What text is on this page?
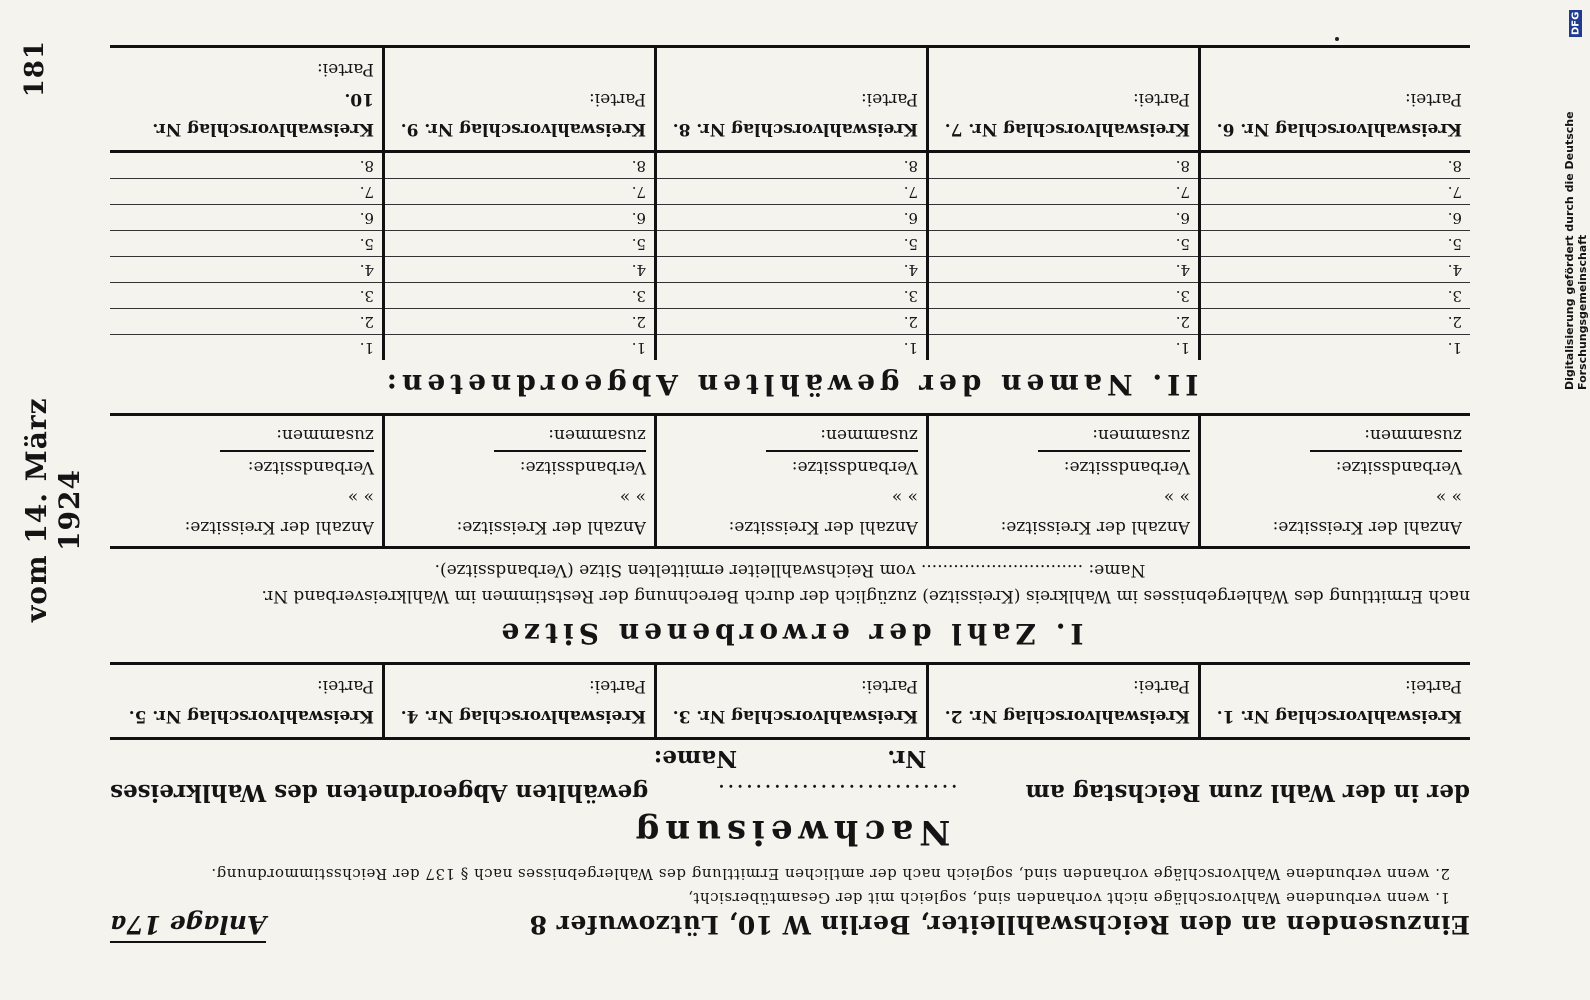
181
vom 14. März 1924
Digitalisierung gefördert durch die Deutsche Forschungsgemeinschaft
DFG
Einzusenden an den Reichswahlleiter, Berlin W 10, Lützowufer 8
Anlage 17a
1. wenn verbundene Wahlvorschläge nicht vorhanden sind, sogleich mit der Gesamtübersicht,
2. wenn verbundene Wahlvorschläge vorhanden sind, sogleich nach der amtlichen Ermittlung des Wahlergebnisses nach § 137 der Reichsstimmordnung.
Nachweisung
der in der Wahl zum Reichstag am
..........................
gewählten Abgeordneten des Wahlkreises
Nr.
Name:
Kreiswahlvorschlag Nr. 1.
Partei:
Kreiswahlvorschlag Nr. 2.
Partei:
Kreiswahlvorschlag Nr. 3.
Partei:
Kreiswahlvorschlag Nr. 4.
Partei:
Kreiswahlvorschlag Nr. 5.
Partei:
I. Zahl der erworbenen Sitze
nach Ermittlung des Wahlergebnisses im Wahlkreis (Kreissitze) zuzüglich der durch Berechnung der Reststimmen im Wahlkreisverband Nr.
Name: .............................. vom Reichswahlleiter ermittelten Sitze (Verbandssitze).
Anzahl der Kreissitze:
» » Verbandssitze:
zusammen:
Anzahl der Kreissitze:
» » Verbandssitze:
zusammen:
Anzahl der Kreissitze:
» » Verbandssitze:
zusammen:
Anzahl der Kreissitze:
» » Verbandssitze:
zusammen:
Anzahl der Kreissitze:
» » Verbandssitze:
zusammen:
II. Namen der gewählten Abgeordneten:
1.
2.
3.
4.
5.
6.
7.
8.
1.
2.
3.
4.
5.
6.
7.
8.
1.
2.
3.
4.
5.
6.
7.
8.
1.
2.
3.
4.
5.
6.
7.
8.
1.
2.
3.
4.
5.
6.
7.
8.
Kreiswahlvorschlag Nr. 6.
Partei:
Kreiswahlvorschlag Nr. 7.
Partei:
Kreiswahlvorschlag Nr. 8.
Partei:
Kreiswahlvorschlag Nr. 9.
Partei:
Kreiswahlvorschlag Nr. 10.
Partei:
